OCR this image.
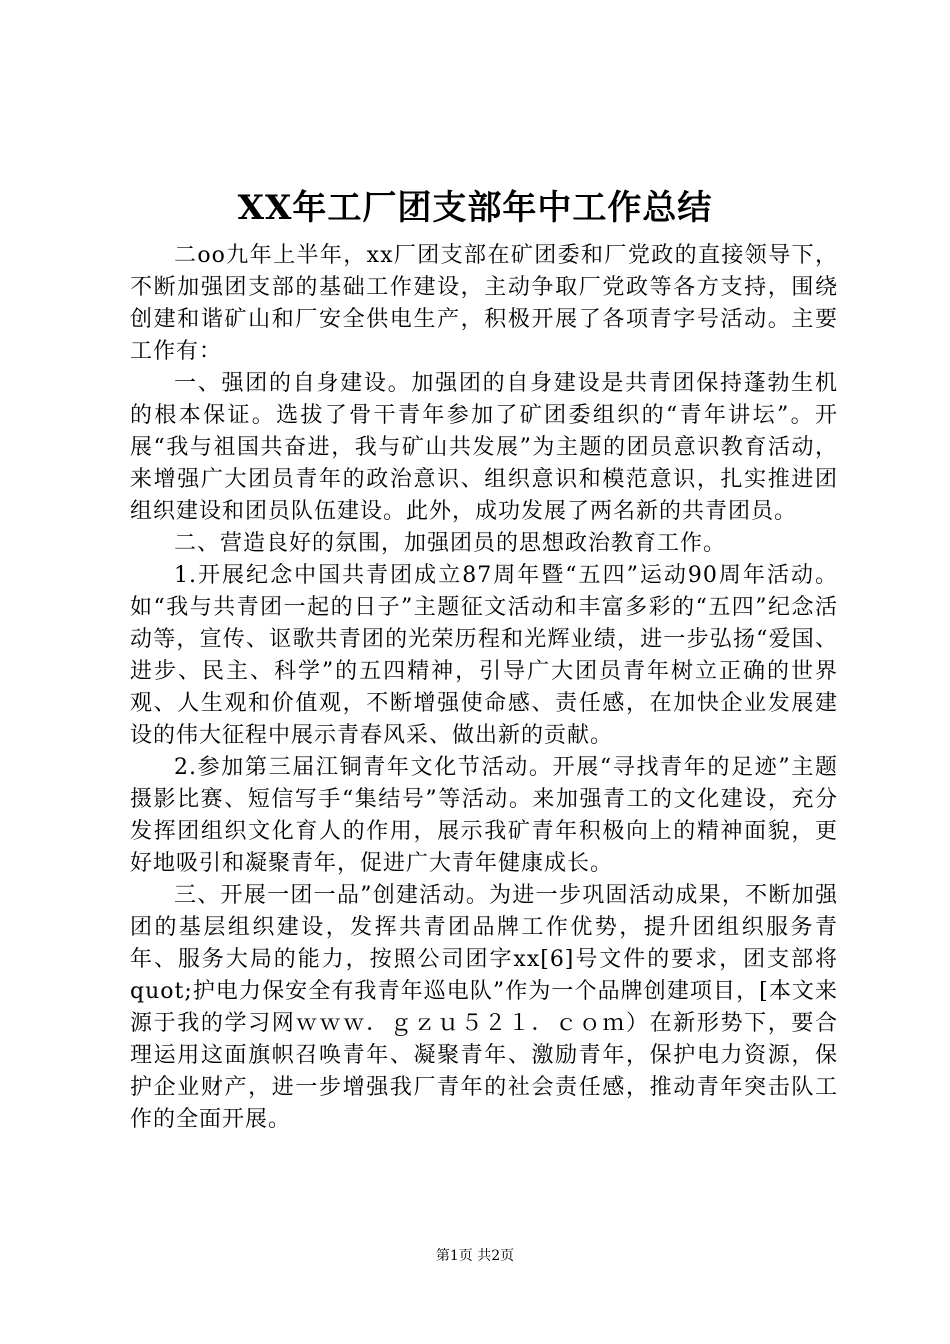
XX年工厂团支部年中工作总结

二oo九年上半年，xx厂团支部在矿团委和厂党政的直接领导下，不断加强团支部的基础工作建设，主动争取厂党政等各方支持，围绕创建和谐矿山和厂安全供电生产，积极开展了各项青字号活动。主要工作有：

一、强团的自身建设。加强团的自身建设是共青团保持蓬勃生机的根本保证。选拔了骨干青年参加了矿团委组织的“青年讲坛”。开展“我与祖国共奋进，我与矿山共发展”为主题的团员意识教育活动，来增强广大团员青年的政治意识、组织意识和模范意识，扎实推进团组织建设和团员队伍建设。此外，成功发展了两名新的共青团员。

二、营造良好的氛围，加强团员的思想政治教育工作。

1.开展纪念中国共青团成立87周年暨“五四”运动90周年活动。如“我与共青团一起的日子”主题征文活动和丰富多彩的“五四”纪念活动等，宣传、讴歌共青团的光荣历程和光辉业绩，进一步弘扬“爱国、进步、民主、科学”的五四精神，引导广大团员青年树立正确的世界观、人生观和价值观，不断增强使命感、责任感，在加快企业发展建设的伟大征程中展示青春风采、做出新的贡献。

2.参加第三届江铜青年文化节活动。开展“寻找青年的足迹”主题摄影比赛、短信写手“集结号”等活动。来加强青工的文化建设，充分发挥团组织文化育人的作用，展示我矿青年积极向上的精神面貌，更好地吸引和凝聚青年，促进广大青年健康成长。

三、开展一团一品”创建活动。为进一步巩固活动成果，不断加强团的基层组织建设，发挥共青团品牌工作优势，提升团组织服务青年、服务大局的能力，按照公司团字xx[6]号文件的要求，团支部将quot;护电力保安全有我青年巡电队”作为一个品牌创建项目，[本文来源于我的学习网ｗｗｗ．ｇｚｕ５２１．ｃｏｍ）在新形势下，要合理运用这面旗帜召唤青年、凝聚青年、激励青年，保护电力资源，保护企业财产，进一步增强我厂青年的社会责任感，推动青年突击队工作的全面开展。

第1页 共2页
